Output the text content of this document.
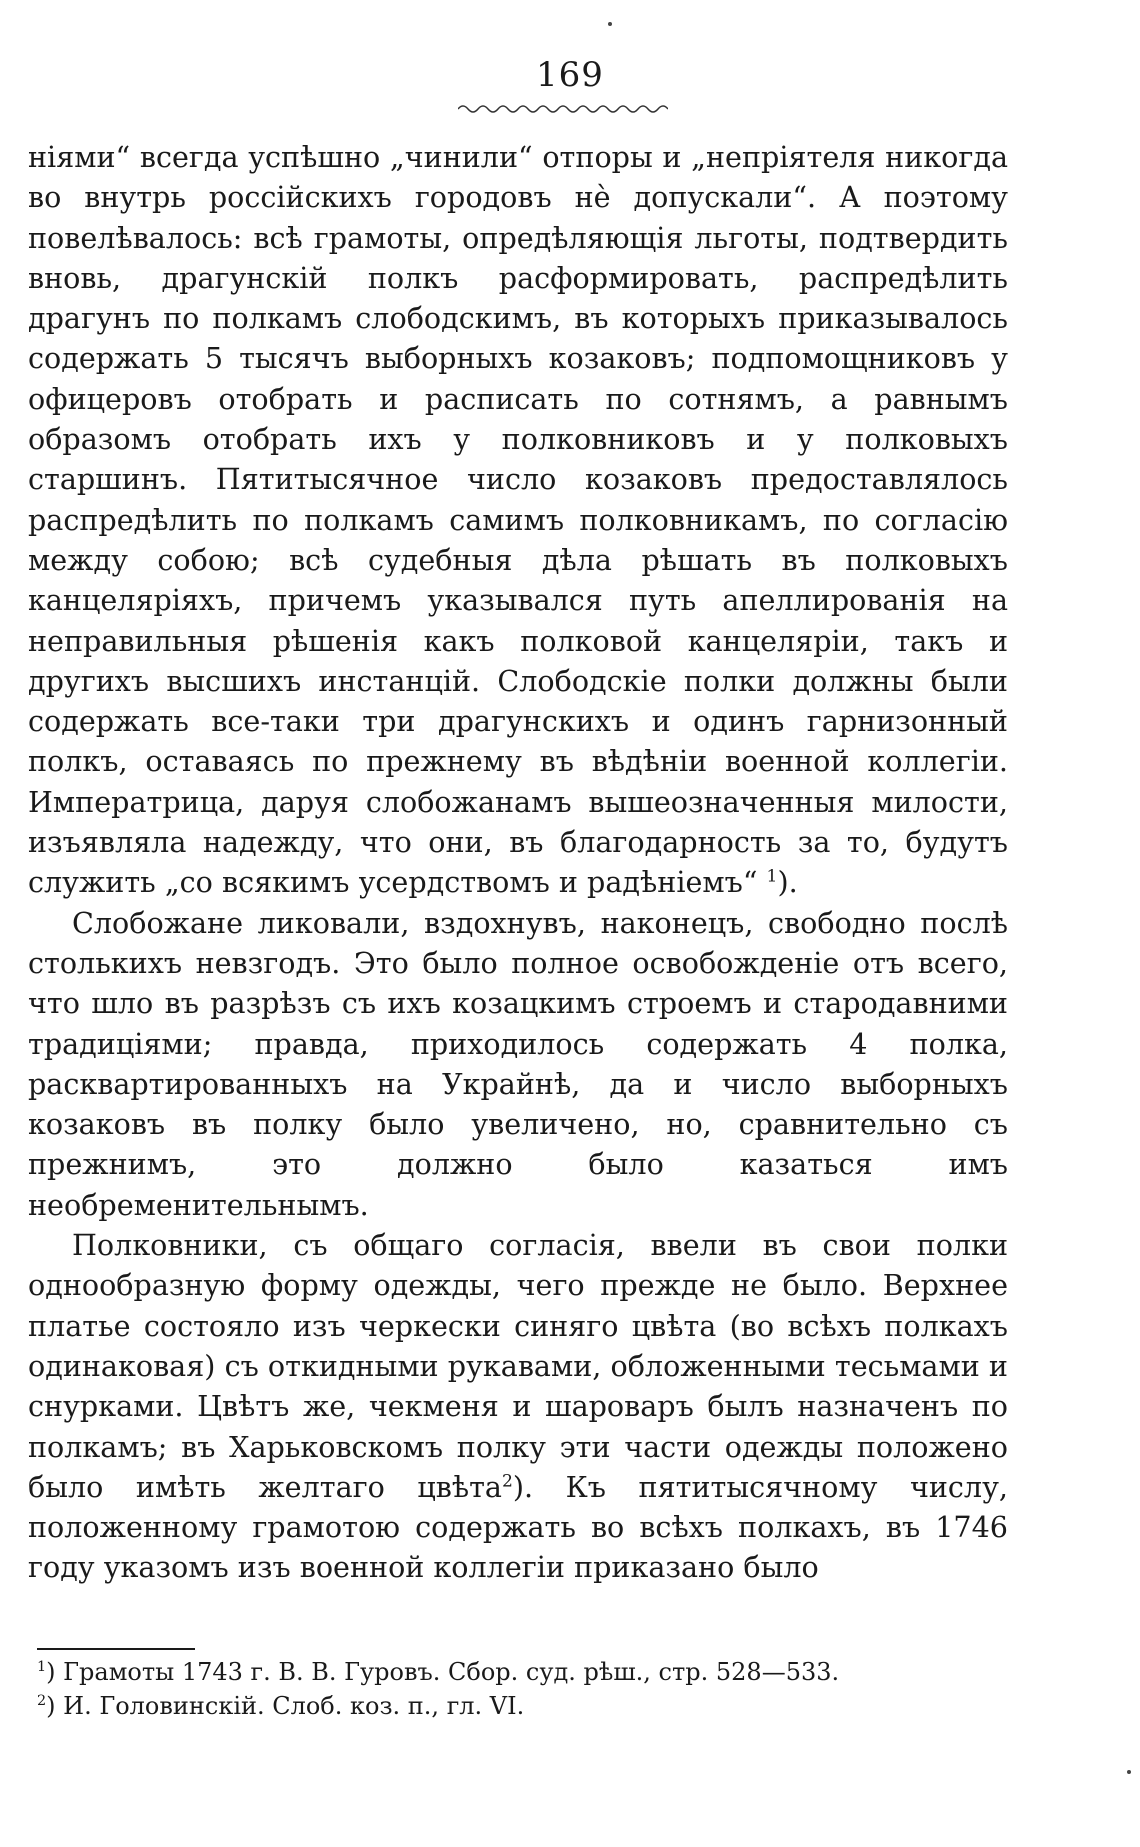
169

ніями“ всегда успѣшно „чинили“ отпоры и „непріятеля никогда во внутрь россійскихъ городовъ нѐ допускали“. А поэтому повелѣвалось: всѣ грамоты, опредѣляющія льготы, подтвердить вновь, драгунскій полкъ расформировать, распредѣлить драгунъ по полкамъ слободскимъ, въ которыхъ приказывалось содержать 5 тысячъ выборныхъ козаковъ; подпомощниковъ у офицеровъ отобрать и расписать по сотнямъ, а равнымъ образомъ отобрать ихъ у полковниковъ и у полковыхъ старшинъ. Пятитысячное число козаковъ предоставлялось распредѣлить по полкамъ самимъ полковникамъ, по согласію между собою; всѣ судебныя дѣла рѣшать въ полковыхъ канцеляріяхъ, причемъ указывался путь апеллированія на неправильныя рѣшенія какъ полковой канцеляріи, такъ и другихъ высшихъ инстанцій. Слободскіе полки должны были содержать все-таки три драгунскихъ и одинъ гарнизонный полкъ, оставаясь по прежнему въ вѣдѣніи военной коллегіи. Императрица, даруя слобожанамъ вышеозначенныя милости, изъявляла надежду, что они, въ благодарность за то, будутъ служить „со всякимъ усердствомъ и радѣніемъ“ $^1$).

Слобожане ликовали, вздохнувъ, наконецъ, свободно послѣ столькихъ невзгодъ. Это было полное освобожденіе отъ всего, что шло въ разрѣзъ съ ихъ козацкимъ строемъ и стародавними традиціями; правда, приходилось содержать 4 полка, расквартированныхъ на Украйнѣ, да и число выборныхъ козаковъ въ полку было увеличено, но, сравнительно съ прежнимъ, это должно было казаться имъ необременительнымъ.

Полковники, съ общаго согласія, ввели въ свои полки однообразную форму одежды, чего прежде не было. Верхнее платье состояло изъ черкески синяго цвѣта (во всѣхъ полкахъ одинаковая) съ откидными рукавами, обложенными тесьмами и снурками. Цвѣтъ же, чекменя и шароваръ былъ назначенъ по полкамъ; въ Харьковскомъ полку эти части одежды положено было имѣть желтаго цвѣта$^2$). Къ пятитысячному числу, положенному грамотою содержать во всѣхъ полкахъ, въ 1746 году указомъ изъ военной коллегіи приказано было

$^1$) Грамоты 1743 г. В. В. Гуровъ. Сбор. суд. рѣш., стр. 528—533.
$^2$) И. Головинскій. Слоб. коз. п., гл. VI.
